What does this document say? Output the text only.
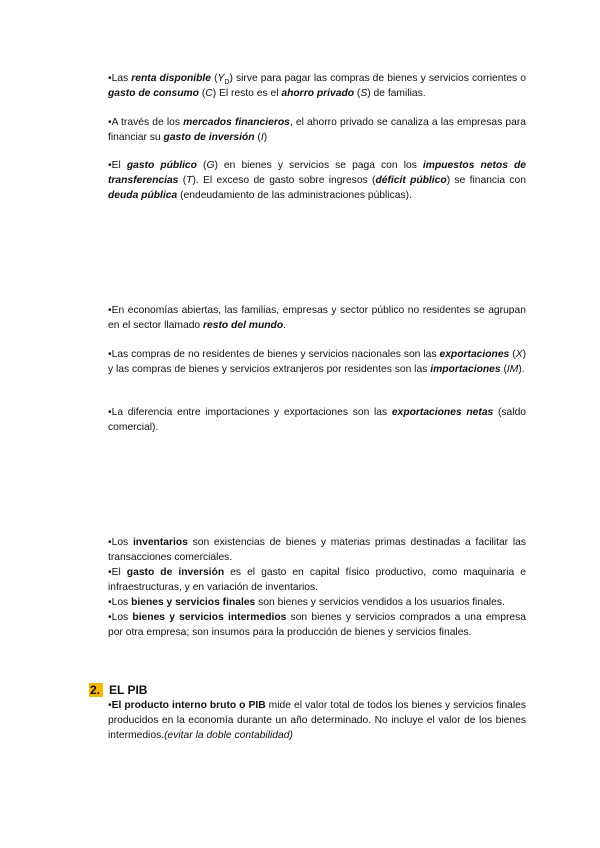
•Las renta disponible $(Y_D)$ sirve para pagar las compras de bienes y servicios corrientes o gasto de consumo (C) El resto es el ahorro privado (S) de familias.

•A través de los mercados financieros, el ahorro privado se canaliza a las empresas para financiar su gasto de inversión (I)

•El gasto público (G) en bienes y servicios se paga con los impuestos netos de transferencias (T). El exceso de gasto sobre ingresos (déficit público) se financia con deuda pública (endeudamiento de las administraciones públicas).

•En economías abiertas, las familias, empresas y sector público no residentes se agrupan en el sector llamado resto del mundo.

•Las compras de no residentes de bienes y servicios nacionales son las exportaciones (X) y las compras de bienes y servicios extranjeros por residentes son las importaciones (IM).

•La diferencia entre importaciones y exportaciones son las exportaciones netas (saldo comercial).

•Los inventarios son existencias de bienes y materias primas destinadas a facilitar las transacciones comerciales.

•El gasto de inversión es el gasto en capital físico productivo, como maquinaria e infraestructuras, y en variación de inventarios.

•Los bienes y servicios finales son bienes y servicios vendidos a los usuarios finales.

•Los bienes y servicios intermedios son bienes y servicios comprados a una empresa por otra empresa; son insumos para la producción de bienes y servicios finales.

2. EL PIB

•El producto interno bruto o PIB mide el valor total de todos los bienes y servicios finales producidos en la economía durante un año determinado. No incluye el valor de los bienes intermedios.(evitar la doble contabilidad)
